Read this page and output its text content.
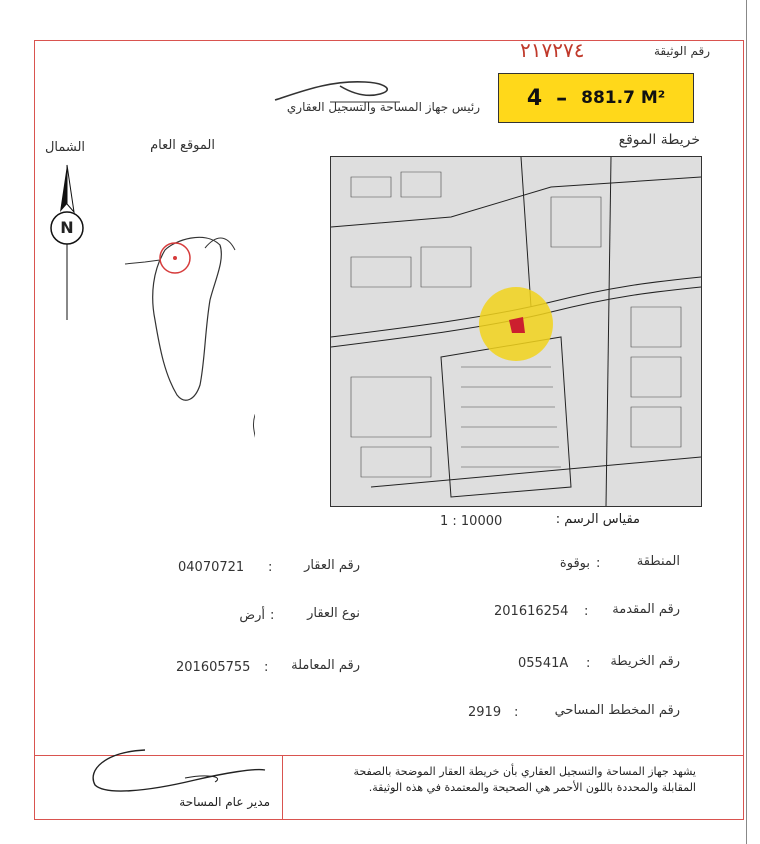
٢١٧٢٧٤	رقم الوثيقة
رئيس جهاز المساحة والتسجيل العقاري 4 – 881.7 M²
خريطة الموقع
الشمال	الموقع العام
N
مقياس الرسم :
1 : 10000
المنطقة
:
بوقوة
رقم العقار
:
04070721
رقم المقدمة
:
201616254
نوع العقار
:
أرض
رقم الخريطة
:
05541A
رقم المعاملة
:
201605755
رقم المخطط المساحي
:
2919
مدير عام المساحة
يشهد جهاز المساحة والتسجيل العقاري بأن خريطة العقار الموضحة بالصفحة
المقابلة والمحددة باللون الأحمر هي الصحيحة والمعتمدة في هذه الوثيقة.
